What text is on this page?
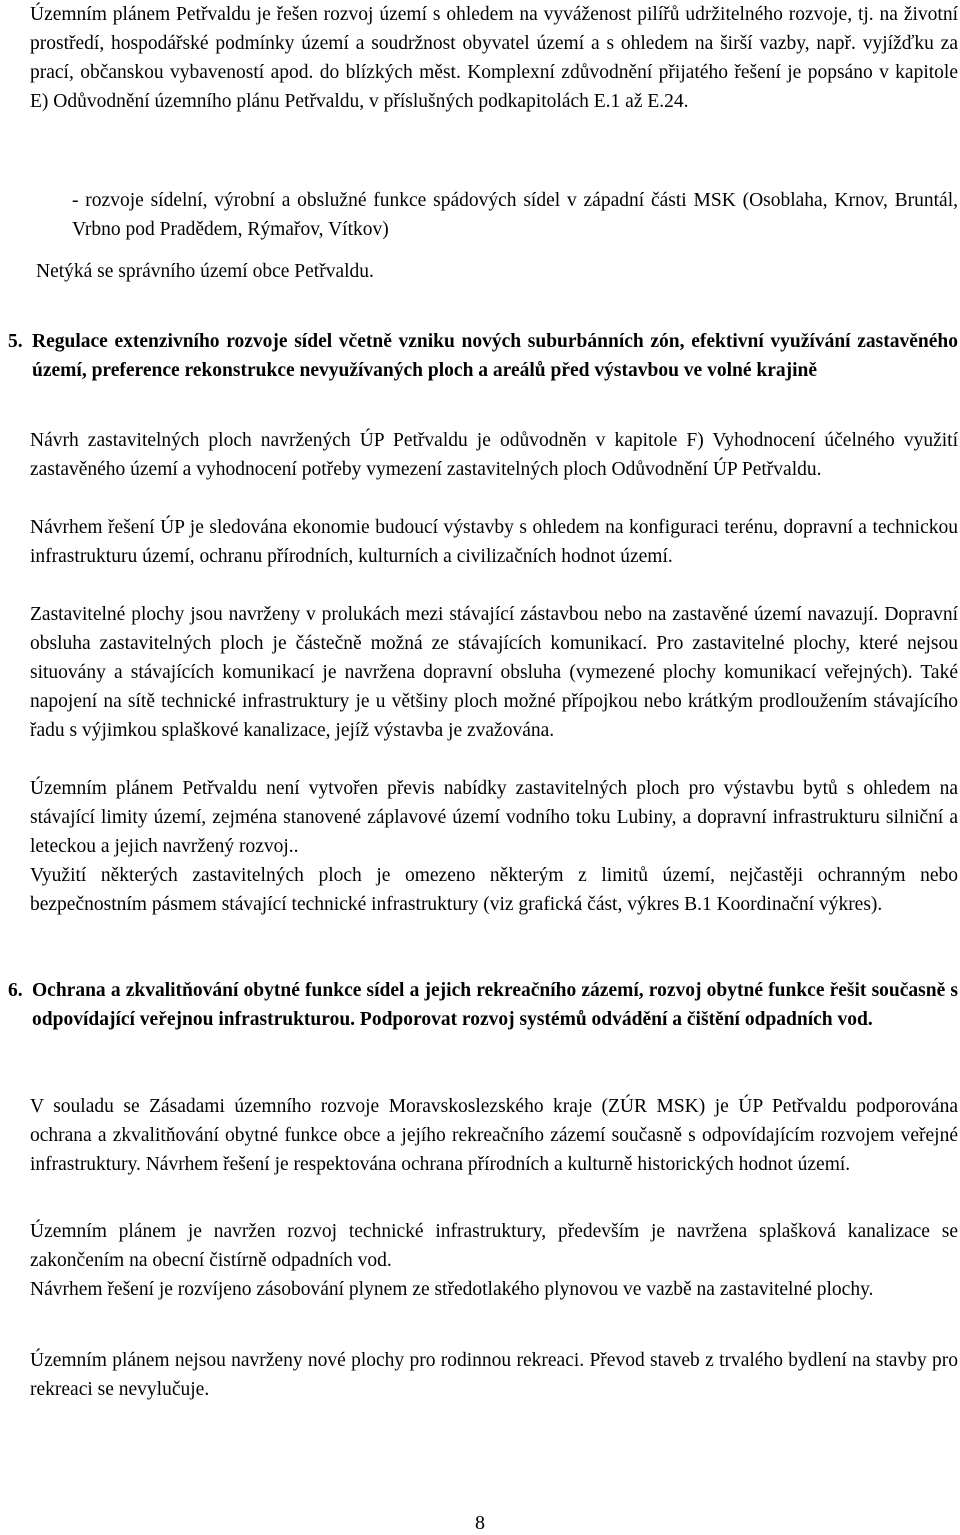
Územním plánem Petřvaldu je řešen rozvoj území s ohledem na vyváženost pilířů udržitelného rozvoje, tj. na životní prostředí, hospodářské podmínky území a soudržnost obyvatel území a s ohledem na širší vazby, např. vyjížďku za prací, občanskou vybaveností apod. do blízkých měst. Komplexní zdůvodnění přijatého řešení je popsáno v kapitole E) Odůvodnění územního plánu Petřvaldu, v příslušných podkapitolách E.1 až E.24.

- rozvoje sídelní, výrobní a obslužné funkce spádových sídel v západní části MSK (Osoblaha, Krnov, Bruntál, Vrbno pod Pradědem, Rýmařov, Vítkov)

Netýká se správního území obce Petřvaldu.

5. Regulace extenzivního rozvoje sídel včetně vzniku nových suburbánních zón, efektivní využívání zastavěného území, preference rekonstrukce nevyužívaných ploch a areálů před výstavbou ve volné krajině

Návrh zastavitelných ploch navržených ÚP Petřvaldu je odůvodněn v kapitole F) Vyhodnocení účelného využití zastavěného území a vyhodnocení potřeby vymezení zastavitelných ploch Odůvodnění ÚP Petřvaldu.

Návrhem řešení ÚP je sledována ekonomie budoucí výstavby s ohledem na konfiguraci terénu, dopravní a technickou infrastrukturu území, ochranu přírodních, kulturních a civilizačních hodnot území.

Zastavitelné plochy jsou navrženy v prolukách mezi stávající zástavbou nebo na zastavěné území navazují. Dopravní obsluha zastavitelných ploch je částečně možná ze stávajících komunikací. Pro zastavitelné plochy, které nejsou situovány a stávajících komunikací je navržena dopravní obsluha (vymezené plochy komunikací veřejných). Také napojení na sítě technické infrastruktury je u většiny ploch možné přípojkou nebo krátkým prodloužením stávajícího řadu s výjimkou splaškové kanalizace, jejíž výstavba je zvažována.

Územním plánem Petřvaldu není vytvořen převis nabídky zastavitelných ploch pro výstavbu bytů s ohledem na stávající limity území, zejména stanovené záplavové území vodního toku Lubiny, a dopravní infrastrukturu silniční a leteckou a jejich navržený rozvoj..

Využití některých zastavitelných ploch je omezeno některým z limitů území, nejčastěji ochranným nebo bezpečnostním pásmem stávající technické infrastruktury (viz grafická část, výkres B.1 Koordinační výkres).

6. Ochrana a zkvalitňování obytné funkce sídel a jejich rekreačního zázemí, rozvoj obytné funkce řešit současně s odpovídající veřejnou infrastrukturou. Podporovat rozvoj systémů odvádění a čištění odpadních vod.

V souladu se Zásadami územního rozvoje Moravskoslezského kraje (ZÚR MSK) je ÚP Petřvaldu podporována ochrana a zkvalitňování obytné funkce obce a jejího rekreačního zázemí současně s odpovídajícím rozvojem veřejné infrastruktury. Návrhem řešení je respektována ochrana přírodních a kulturně historických hodnot území.

Územním plánem je navržen rozvoj technické infrastruktury, především je navržena splašková kanalizace se zakončením na obecní čistírně odpadních vod.

Návrhem řešení je rozvíjeno zásobování plynem ze středotlakého plynovou ve vazbě na zastavitelné plochy.

Územním plánem nejsou navrženy nové plochy pro rodinnou rekreaci. Převod staveb z trvalého bydlení na stavby pro rekreaci se nevylučuje.

8
